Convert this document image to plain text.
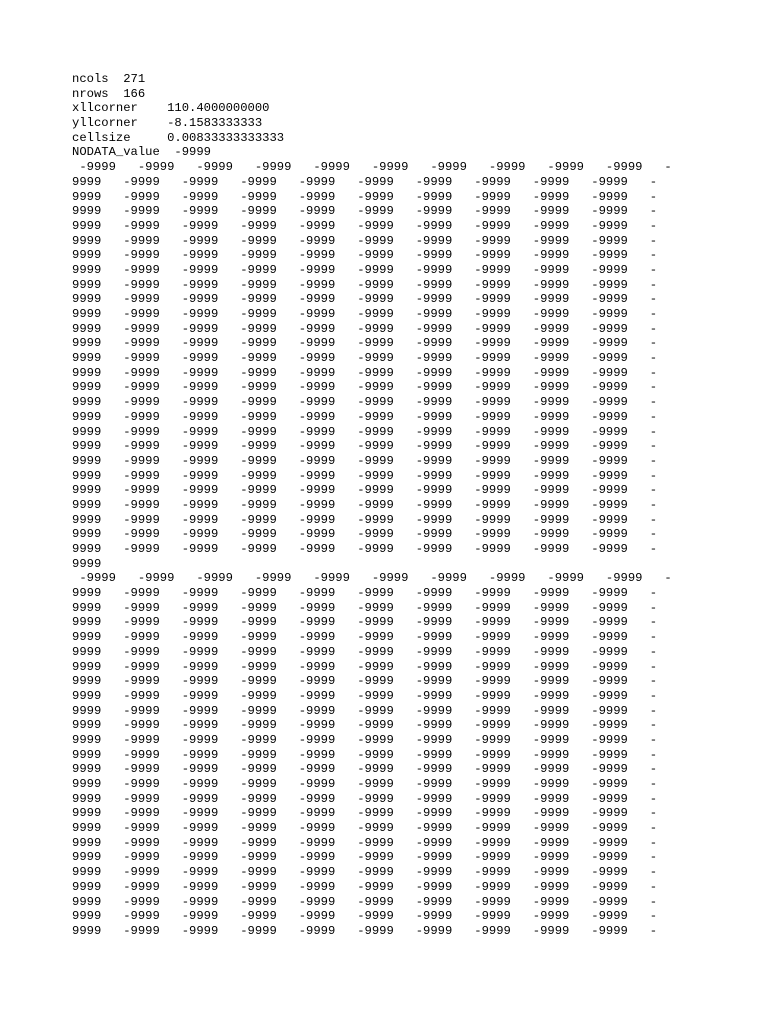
ncols  271
nrows  166
xllcorner    110.4000000000
yllcorner    -8.1583333333
cellsize     0.00833333333333
NODATA_value  -9999
-9999   -9999   -9999   -9999   -9999   -9999   -9999   -9999   -9999   -9999   -
9999   -9999   -9999   -9999   -9999   -9999   -9999   -9999   -9999   -9999   -
9999   -9999   -9999   -9999   -9999   -9999   -9999   -9999   -9999   -9999   -
9999   -9999   -9999   -9999   -9999   -9999   -9999   -9999   -9999   -9999   -
9999   -9999   -9999   -9999   -9999   -9999   -9999   -9999   -9999   -9999   -
9999   -9999   -9999   -9999   -9999   -9999   -9999   -9999   -9999   -9999   -
9999   -9999   -9999   -9999   -9999   -9999   -9999   -9999   -9999   -9999   -
9999   -9999   -9999   -9999   -9999   -9999   -9999   -9999   -9999   -9999   -
9999   -9999   -9999   -9999   -9999   -9999   -9999   -9999   -9999   -9999   -
9999   -9999   -9999   -9999   -9999   -9999   -9999   -9999   -9999   -9999   -
9999   -9999   -9999   -9999   -9999   -9999   -9999   -9999   -9999   -9999   -
9999   -9999   -9999   -9999   -9999   -9999   -9999   -9999   -9999   -9999   -
9999   -9999   -9999   -9999   -9999   -9999   -9999   -9999   -9999   -9999   -
9999   -9999   -9999   -9999   -9999   -9999   -9999   -9999   -9999   -9999   -
9999   -9999   -9999   -9999   -9999   -9999   -9999   -9999   -9999   -9999   -
9999   -9999   -9999   -9999   -9999   -9999   -9999   -9999   -9999   -9999   -
9999   -9999   -9999   -9999   -9999   -9999   -9999   -9999   -9999   -9999   -
9999   -9999   -9999   -9999   -9999   -9999   -9999   -9999   -9999   -9999   -
9999   -9999   -9999   -9999   -9999   -9999   -9999   -9999   -9999   -9999   -
9999   -9999   -9999   -9999   -9999   -9999   -9999   -9999   -9999   -9999   -
9999   -9999   -9999   -9999   -9999   -9999   -9999   -9999   -9999   -9999   -
9999   -9999   -9999   -9999   -9999   -9999   -9999   -9999   -9999   -9999   -
9999   -9999   -9999   -9999   -9999   -9999   -9999   -9999   -9999   -9999   -
9999   -9999   -9999   -9999   -9999   -9999   -9999   -9999   -9999   -9999   -
9999   -9999   -9999   -9999   -9999   -9999   -9999   -9999   -9999   -9999   -
9999   -9999   -9999   -9999   -9999   -9999   -9999   -9999   -9999   -9999   -
9999   -9999   -9999   -9999   -9999   -9999   -9999   -9999   -9999   -9999   -
9999
-9999   -9999   -9999   -9999   -9999   -9999   -9999   -9999   -9999   -9999   -
9999   -9999   -9999   -9999   -9999   -9999   -9999   -9999   -9999   -9999   -
9999   -9999   -9999   -9999   -9999   -9999   -9999   -9999   -9999   -9999   -
9999   -9999   -9999   -9999   -9999   -9999   -9999   -9999   -9999   -9999   -
9999   -9999   -9999   -9999   -9999   -9999   -9999   -9999   -9999   -9999   -
9999   -9999   -9999   -9999   -9999   -9999   -9999   -9999   -9999   -9999   -
9999   -9999   -9999   -9999   -9999   -9999   -9999   -9999   -9999   -9999   -
9999   -9999   -9999   -9999   -9999   -9999   -9999   -9999   -9999   -9999   -
9999   -9999   -9999   -9999   -9999   -9999   -9999   -9999   -9999   -9999   -
9999   -9999   -9999   -9999   -9999   -9999   -9999   -9999   -9999   -9999   -
9999   -9999   -9999   -9999   -9999   -9999   -9999   -9999   -9999   -9999   -
9999   -9999   -9999   -9999   -9999   -9999   -9999   -9999   -9999   -9999   -
9999   -9999   -9999   -9999   -9999   -9999   -9999   -9999   -9999   -9999   -
9999   -9999   -9999   -9999   -9999   -9999   -9999   -9999   -9999   -9999   -
9999   -9999   -9999   -9999   -9999   -9999   -9999   -9999   -9999   -9999   -
9999   -9999   -9999   -9999   -9999   -9999   -9999   -9999   -9999   -9999   -
9999   -9999   -9999   -9999   -9999   -9999   -9999   -9999   -9999   -9999   -
9999   -9999   -9999   -9999   -9999   -9999   -9999   -9999   -9999   -9999   -
9999   -9999   -9999   -9999   -9999   -9999   -9999   -9999   -9999   -9999   -
9999   -9999   -9999   -9999   -9999   -9999   -9999   -9999   -9999   -9999   -
9999   -9999   -9999   -9999   -9999   -9999   -9999   -9999   -9999   -9999   -
9999   -9999   -9999   -9999   -9999   -9999   -9999   -9999   -9999   -9999   -
9999   -9999   -9999   -9999   -9999   -9999   -9999   -9999   -9999   -9999   -
9999   -9999   -9999   -9999   -9999   -9999   -9999   -9999   -9999   -9999   -
9999   -9999   -9999   -9999   -9999   -9999   -9999   -9999   -9999   -9999   -
